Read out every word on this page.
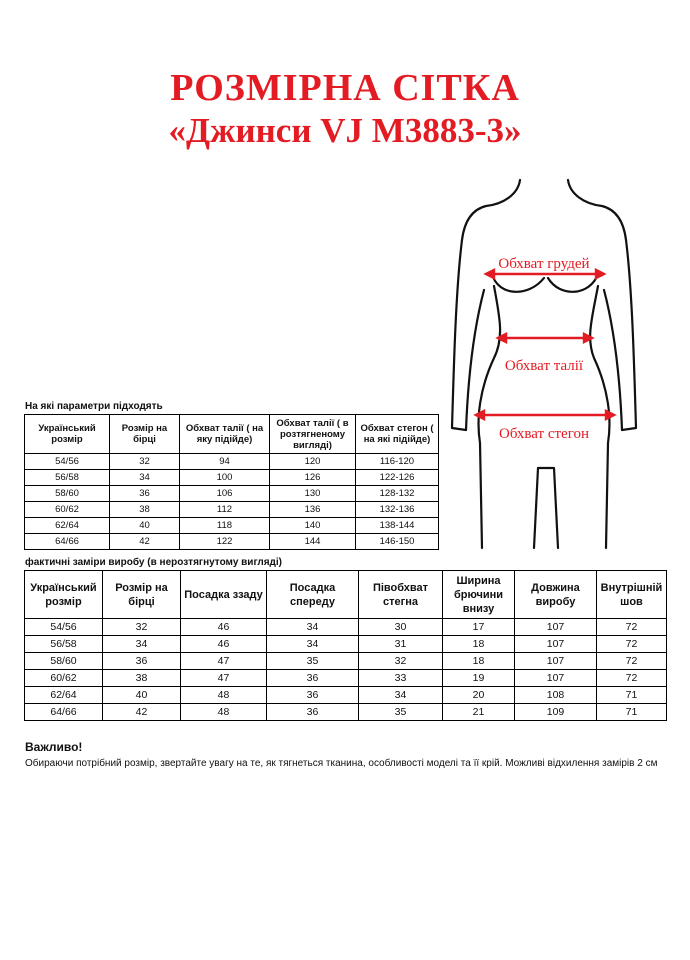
РОЗМІРНА СІТКА
«Джинси VJ M3883-3»
Обхват грудей
Обхват талії
Обхват стегон

На які параметри підходять

Український розмір	Розмір на бірці	Обхват талії ( на яку підійде)	Обхват талії ( в розтягненому вигляді)	Обхват стегон ( на які підійде)
54/56	32	94	120	116-120
56/58	34	100	126	122-126
58/60	36	106	130	128-132
60/62	38	112	136	132-136
62/64	40	118	140	138-144
64/66	42	122	144	146-150

фактичні заміри виробу (в нерозтягнутому вигляді)

Український розмір	Розмір на бірці	Посадка ззаду	Посадка спереду	Півобхват стегна	Ширина брючини внизу	Довжина виробу	Внутрішній шов
54/56	32	46	34	30	17	107	72
56/58	34	46	34	31	18	107	72
58/60	36	47	35	32	18	107	72
60/62	38	47	36	33	19	107	72
62/64	40	48	36	34	20	108	71
64/66	42	48	36	35	21	109	71

Важливо!

Обираючи потрібний розмір, звертайте увагу на те, як тягнеться тканина, особливості моделі та її крій. Можливі відхилення замірів 2 см
